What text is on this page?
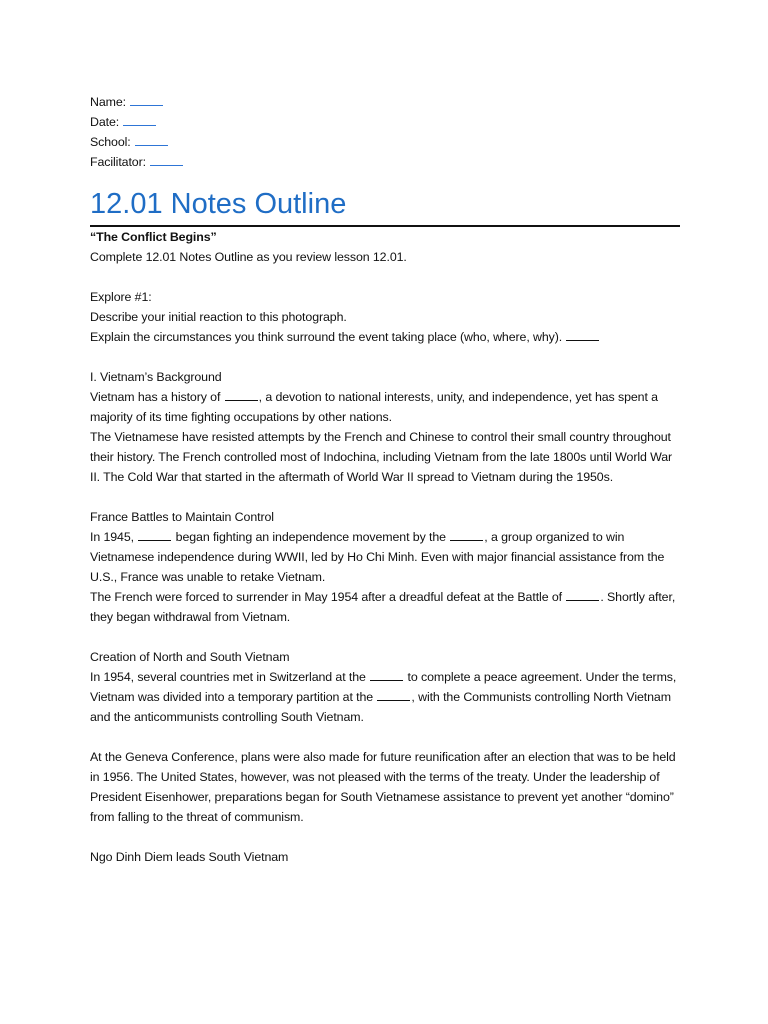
Name:
Date:
School:
Facilitator:
12.01 Notes Outline

“The Conflict Begins”

Complete 12.01 Notes Outline as you review lesson 12.01.

Explore #1:

Describe your initial reaction to this photograph.

Explain the circumstances you think surround the event taking place (who, where, why).

I. Vietnam’s Background

Vietnam has a history of	, a devotion to national interests, unity, and independence, yet has spent a majority of its time fighting occupations by other nations.

The Vietnamese have resisted attempts by the French and Chinese to control their small country throughout their history. The French controlled most of Indochina, including Vietnam from the late 1800s until World War II. The Cold War that started in the aftermath of World War II spread to Vietnam during the 1950s.

France Battles to Maintain Control

In 1945,	began fighting an independence movement by the	, a group organized to win Vietnamese independence during WWII, led by Ho Chi Minh. Even with major financial assistance from the U.S., France was unable to retake Vietnam.

The French were forced to surrender in May 1954 after a dreadful defeat at the Battle of	. Shortly after, they began withdrawal from Vietnam.

Creation of North and South Vietnam

In 1954, several countries met in Switzerland at the	to complete a peace agreement. Under the terms, Vietnam was divided into a temporary partition at the	, with the Communists controlling North Vietnam and the anticommunists controlling South Vietnam.

At the Geneva Conference, plans were also made for future reunification after an election that was to be held in 1956. The United States, however, was not pleased with the terms of the treaty. Under the leadership of President Eisenhower, preparations began for South Vietnamese assistance to prevent yet another “domino” from falling to the threat of communism.

Ngo Dinh Diem leads South Vietnam
